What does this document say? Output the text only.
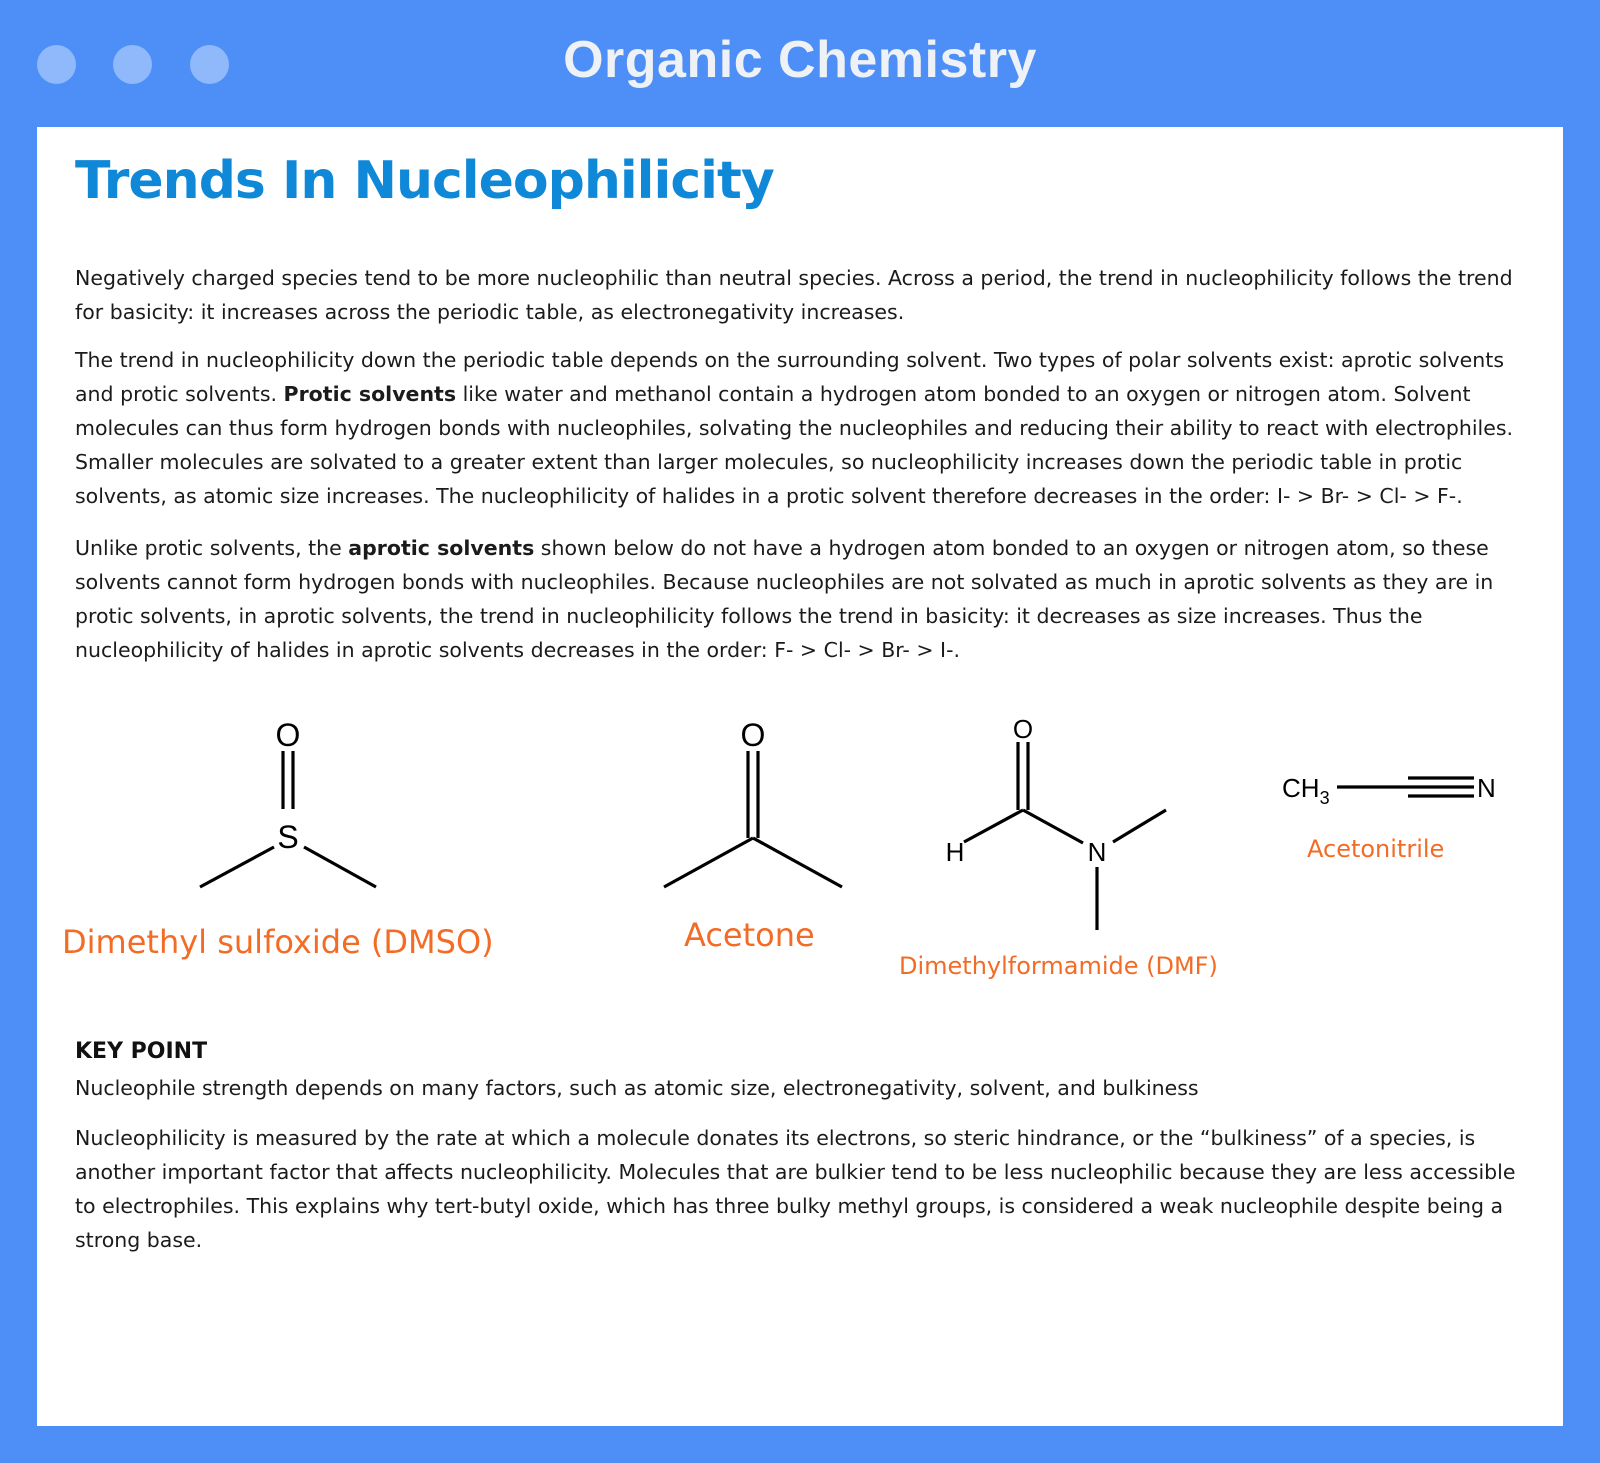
Organic Chemistry
Trends In Nucleophilicity

Negatively charged species tend to be more nucleophilic than neutral species. Across a period, the trend in nucleophilicity follows the trend for basicity: it increases across the periodic table, as electronegativity increases.

The trend in nucleophilicity down the periodic table depends on the surrounding solvent. Two types of polar solvents exist: aprotic solvents and protic solvents. Protic solvents like water and methanol contain a hydrogen atom bonded to an oxygen or nitrogen atom. Solvent molecules can thus form hydrogen bonds with nucleophiles, solvating the nucleophiles and reducing their ability to react with electrophiles. Smaller molecules are solvated to a greater extent than larger molecules, so nucleophilicity increases down the periodic table in protic solvents, as atomic size increases. The nucleophilicity of halides in a protic solvent therefore decreases in the order: I- > Br- > Cl- > F-.

Unlike protic solvents, the aprotic solvents shown below do not have a hydrogen atom bonded to an oxygen or nitrogen atom, so these solvents cannot form hydrogen bonds with nucleophiles. Because nucleophiles are not solvated as much in aprotic solvents as they are in protic solvents, in aprotic solvents, the trend in nucleophilicity follows the trend in basicity: it decreases as size increases. Thus the nucleophilicity of halides in aprotic solvents decreases in the order: F- > Cl- > Br- > I-.

O
S
O	O
H	N
$CH_3$	N
Dimethyl sulfoxide (DMSO)	Acetone
Dimethylformamide (DMF)
Acetonitrile
KEY POINT

Nucleophile strength depends on many factors, such as atomic size, electronegativity, solvent, and bulkiness

Nucleophilicity is measured by the rate at which a molecule donates its electrons, so steric hindrance, or the “bulkiness” of a species, is another important factor that affects nucleophilicity. Molecules that are bulkier tend to be less nucleophilic because they are less accessible to electrophiles. This explains why tert-butyl oxide, which has three bulky methyl groups, is considered a weak nucleophile despite being a strong base.
